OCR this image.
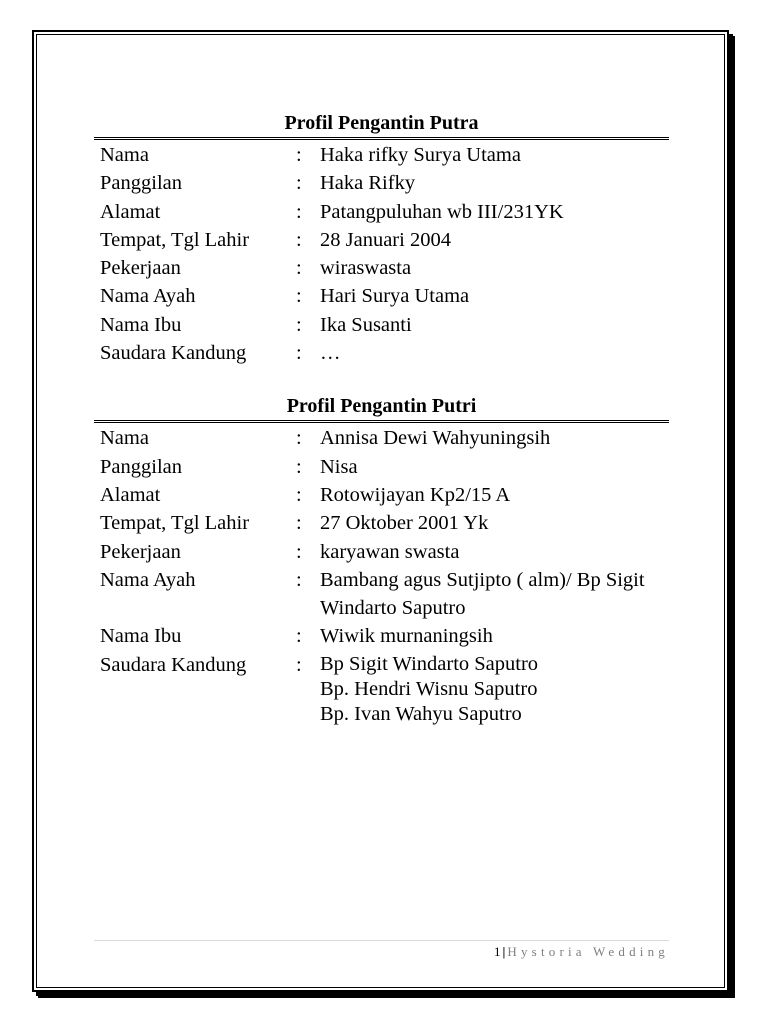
Profil Pengantin Putra
Nama	: Haka rifky Surya Utama
Panggilan	: Haka Rifky
Alamat	: Patangpuluhan wb III/231YK
Tempat, Tgl Lahir	: 28 Januari 2004
Pekerjaan	: wiraswasta
Nama Ayah	: Hari Surya Utama
Nama Ibu	: Ika Susanti
Saudara Kandung	: …
Profil Pengantin Putri
Nama	: Annisa Dewi Wahyuningsih
Panggilan	: Nisa
Alamat	: Rotowijayan Kp2/15 A
Tempat, Tgl Lahir	: 27 Oktober 2001 Yk
Pekerjaan	: karyawan swasta
Nama Ayah	: Bambang agus Sutjipto ( alm)/ Bp Sigit
Windarto Saputro
Nama Ibu	: Wiwik murnaningsih
Saudara Kandung	: Bp Sigit Windarto Saputro
Bp. Hendri Wisnu Saputro
Bp. Ivan Wahyu Saputro
1 | Hystoria Wedding
